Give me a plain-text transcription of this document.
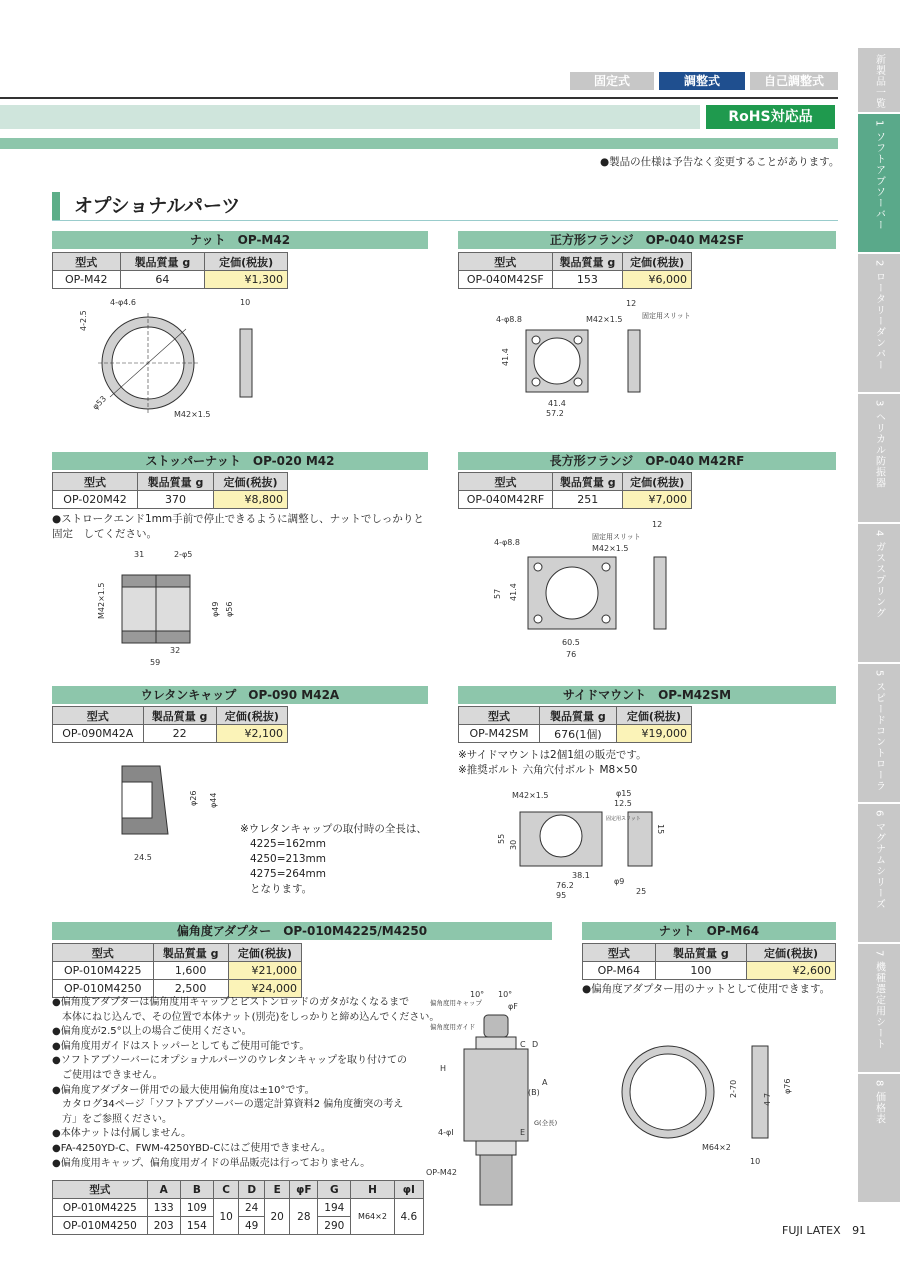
固定式	調整式	自己調整式
RoHS対応品
●製品の仕様は予告なく変更することがあります。
オプショナルパーツ
新製品一覧
1 ソフトアブソーバー
2 ロータリーダンパー
3 ヘリカル防振器
4 ガススプリング
5 スピードコントローラ
6 マグナムシリーズ
7 機種選定用シート
8 価格表
ナット　OP-M42
型式	製品質量 g	定価(税抜)
OP-M42	64	¥1,300
4-φ4.6
4-2.5
φ53
M42×1.5
10
正方形フランジ　OP-040 M42SF
型式	製品質量 g	定価(税抜)
OP-040M42SF	153	¥6,000
4-φ8.8	M42×1.5
41.4
41.4
57.2
12
固定用スリット
ストッパーナット　OP-020 M42
型式	製品質量 g	定価(税抜)
OP-020M42	370	¥8,800
●ストロークエンド1mm手前で停止できるように調整し、ナットでしっかりと固定　してください。
31	2-φ5
M42×1.5	φ49 φ56
32
59
長方形フランジ　OP-040 M42RF
型式	製品質量 g	定価(税抜)
OP-040M42RF	251	¥7,000
4-φ8.8
固定用スリット
M42×1.5
12
57 41.4
60.5
76
ウレタンキャップ　OP-090 M42A
型式	製品質量 g	定価(税抜)
OP-090M42A	22	¥2,100
φ26 φ44
24.5
※ウレタンキャップの取付時の全長は、
4225=162mm
4250=213mm
4275=264mm
となります。
サイドマウント　OP-M42SM
型式	製品質量 g	定価(税抜)
OP-M42SM	676(1個)	¥19,000
※サイドマウントは2個1組の販売です。
※推奨ボルト 六角穴付ボルト M8×50
M42×1.5	φ15
12.5
固定用スリット
15
55
30
38.1
76.2
95
φ9
25
偏角度アダプター　OP-010M4225/M4250
型式	製品質量 g	定価(税抜)
OP-010M4225	1,600	¥21,000
OP-010M4250	2,500	¥24,000
●偏角度アダプターは偏角度用キャップとピストンロッドのガタがなくなるまで
　本体にねじ込んで、その位置で本体ナット(別売)をしっかりと締め込んでください。
●偏角度が2.5°以上の場合ご使用ください。
●偏角度用ガイドはストッパーとしてもご使用可能です。
●ソフトアブソーバーにオプショナルパーツのウレタンキャップを取り付けての
　ご使用はできません。
●偏角度アダプター併用での最大使用偏角度は±10°です。
　カタログ34ページ「ソフトアブソーバーの選定計算資料2 偏角度衝突の考え
　方」をご参照ください。
●本体ナットは付属しません。
●FA-4250YD-C、FWM-4250YBD-Cにはご使用できません。
●偏角度用キャップ、偏角度用ガイドの単品販売は行っておりません。
型式	A	B	C	D	E	φF	G	H	φI
OP-010M4225	133	109	10	24	20	28	194	M64×2	4.6
OP-010M4250	203	154		49			290		
10° 10°
φF
偏角度用キャップ
偏角度用ガイド
C D
(B)
A
G(全長)
E
H
4-φI
OP-M42
ナット　OP-M64
型式	製品質量 g	定価(税抜)
OP-M64	100	¥2,600
●偏角度アダプター用のナットとして使用できます。
2-70
4-7
φ76
M64×2
10
FUJI LATEX 91
